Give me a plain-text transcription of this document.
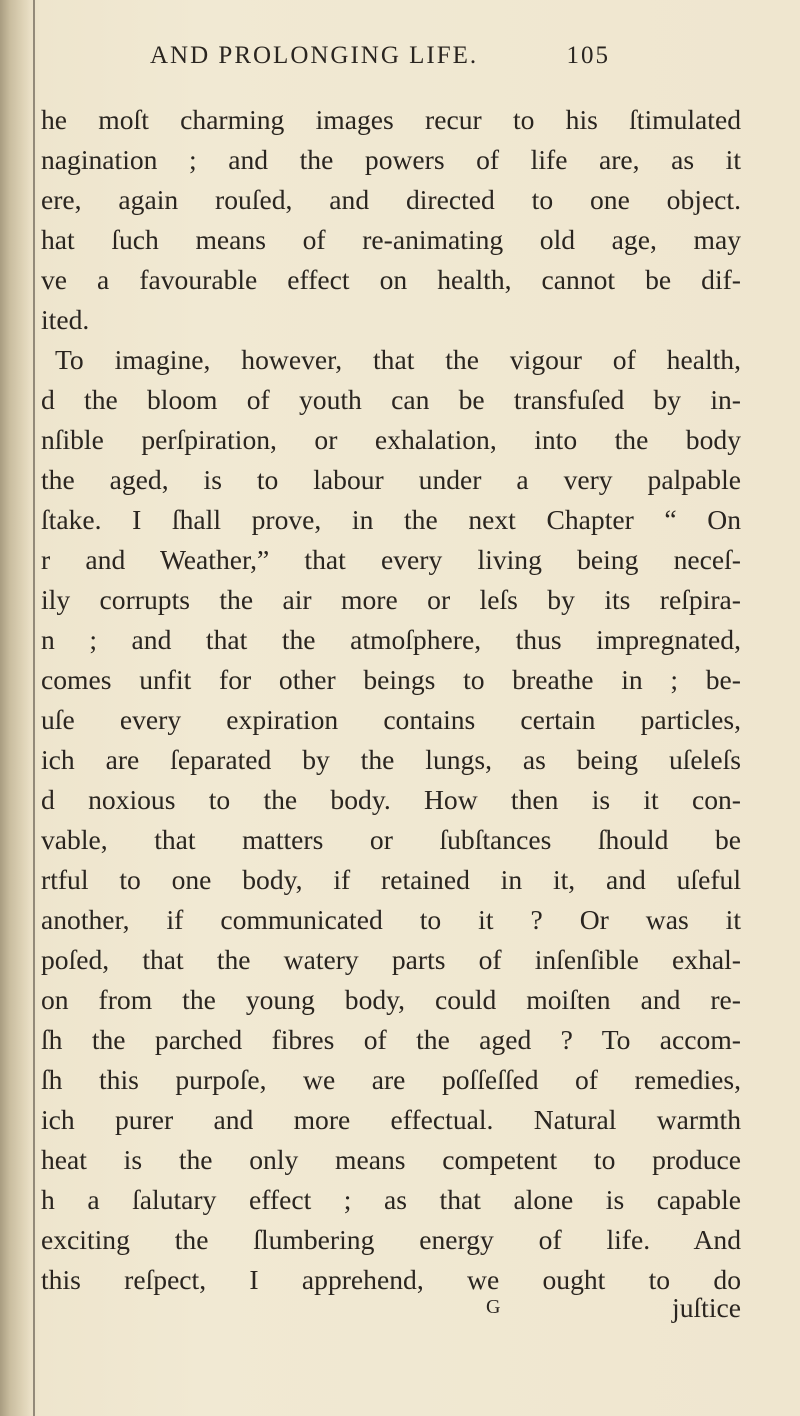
AND PROLONGING LIFE.	105
he moſt charming images recur to his ſtimulated
nagination ; and the powers of life are, as it
ere, again rouſed, and directed to one object.
hat ſuch means of re-animating old age, may
ve a favourable effect on health, cannot be dif-
ited.
To imagine, however, that the vigour of health,
d the bloom of youth can be transfuſed by in-
nſible perſpiration, or exhalation, into the body
the aged, is to labour under a very palpable
ſtake. I ſhall prove, in the next Chapter “ On
r and Weather,” that every living being neceſ-
ily corrupts the air more or leſs by its reſpira-
n ; and that the atmoſphere, thus impregnated,
comes unfit for other beings to breathe in ; be-
uſe every expiration contains certain particles,
ich are ſeparated by the lungs, as being uſeleſs
d noxious to the body. How then is it con-
vable, that matters or ſubſtances ſhould be
rtful to one body, if retained in it, and uſeful
another, if communicated to it ? Or was it
poſed, that the watery parts of inſenſible exhal-
on from the young body, could moiſten and re-
ſh the parched fibres of the aged ? To accom-
ſh this purpoſe, we are poſſeſſed of remedies,
ich purer and more effectual. Natural warmth
heat is the only means competent to produce
h a ſalutary effect ; as that alone is capable
exciting the ſlumbering energy of life. And
this reſpect, I apprehend, we ought to do
G	juſtice
